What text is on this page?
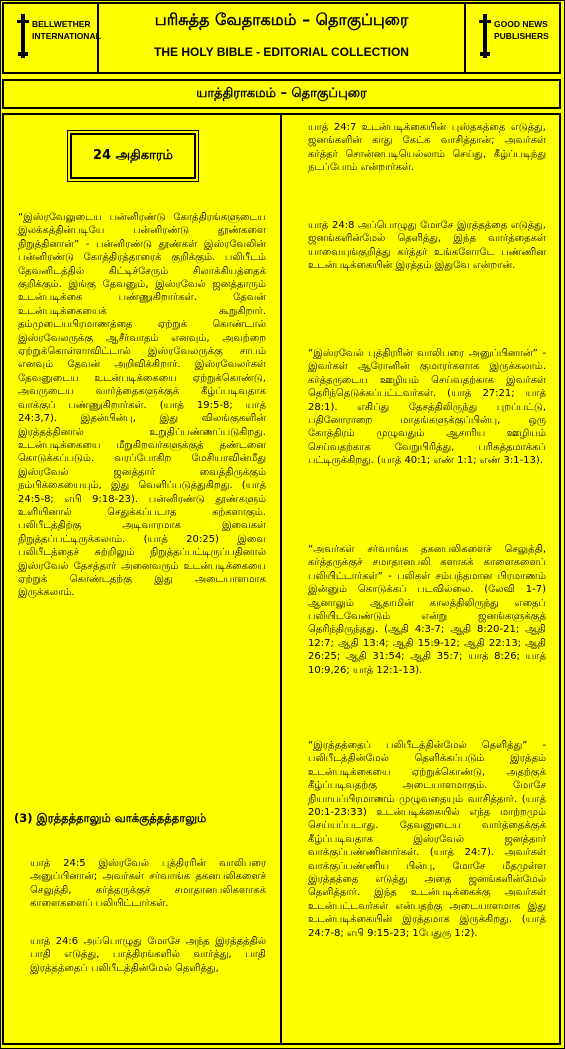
BELLWETHER
INTERNATIONAL
பரிசுத்த வேதாகமம் – தொகுப்புரை
THE HOLY BIBLE - EDITORIAL COLLECTION
GOOD NEWS
PUBLISHERS
யாத்திராகமம் – தொகுப்புரை
24 அதிகாரம்
“இஸ்ரவேலுடைய பன்னிரண்டு கோத்திரங்களுடைய இலக்கத்தின்படியே பன்னிரண்டு தூண்களை நிறுத்தினான்” - பன்னிரண்டு தூண்கள் இஸ்ரவேலின் பன்னிரண்டு கோத்திரத்தாரைக் குறிக்கும். பலிபீடம் தேவனிடத்தில் கிட்டிச்சேரும் சிலாக்கியத்தைக் குறிக்கும். இங்கு தேவனும், இஸ்ரவேல் ஜனத்தாரும் உடன்படிக்கை பண்ணுகிறார்கள். தேவன் உடன்படிக்கையைக் கூறுகிறார். தம்முடையபிரமாணத்தை ஏற்றுக் கொண்டால் இஸ்ரவேலருக்கு ஆசீர்வாதம் எனவும், அவற்றை ஏற்றுக்கொள்ளாவிட்டால் இஸ்ரவேலருக்கு சாபம் எனவும் தேவன் அறிவிக்கிறார். இஸ்ரவேலர்கள் தேவனுடைய உடன்படிக்கையை ஏற்றுக்கொண்டு, அவருடைய வார்த்தைகளுக்குக் கீழ்ப்படிவதாக வாக்குப் பண்ணுகிறார்கள். (யாத் 19:5-8; யாத் 24:3,7). இதன்பின்பு, இது விலங்குகளின் இரத்தத்தினால் உறுதிப்பண்ணப்படுகிறது. உடன்படிக்கையை மீறுகிறவர்களுக்குத் தண்டனை கொடுக்கப்படும். வரப்போகிற மேசியாவின்மீது இஸ்ரவேல் ஜனத்தார் வைத்திருக்கும் நம்பிக்கையையும், இது வெளிப்படுத்துகிறது. (யாத் 24:5-8; எபி 9:18-23). பன்னிரண்டு தூண்களும் உளியினால் செதுக்கப்படாத கற்களாகும். பலிபீடத்திற்கு அடிவாரமாக இவைகள் நிறுத்தப்பட்டிருக்கலாம். (யாத் 20:25) இவை பலிபீடத்தைச் சுற்றிலும் நிறுத்தப்பட்டிருப்பதினால் இஸ்ரவேல் தேசத்தார் அனைவரும் உடன்படிக்கையை ஏற்றுக் கொண்டதற்கு இது அடையாளமாக இருக்கலாம்.
(3) இரத்தத்தாலும் வாக்குத்தத்தாலும்
யாத் 24:5 இஸ்ரவேல் புத்திரரின் வாலிபரை அனுப்பினான்; அவர்கள் சர்வாங்க தகனபலிகளைச் செலுத்தி, கர்த்தருக்குச் சமாதானபலிகளாகக் காளைகளைப் பலியிட்டார்கள்.
யாத் 24:6 அப்பொழுது மோசே அந்த இரத்தத்தில் பாதி எடுத்து, பாத்திரங்களில் வார்த்து, பாதி இரத்தத்தைப் பலிபீடத்தின்மேல் தெளித்து,
யாத் 24:7 உடன்படிக்கையின் புஸ்தகத்தை எடுத்து, ஜனங்களின் காது கேட்க வாசித்தான்; அவர்கள் கர்த்தர் சொன்னபடியெல்லாம் செய்து, கீழ்ப்படிந்து நடப்போம் என்றார்கள்.
யாத் 24:8 அப்பொழுது மோசே இரத்தத்தை எடுத்து, ஜனங்களின்மேல் தெளித்து, இந்த வார்த்தைகள் யாவையுங்குறித்து கர்த்தர் உங்களோடே பண்ணின உடன்படிக்கையின் இரத்தம் இதுவே என்றான்.
“இஸ்ரவேல் புத்திரரின் வாலிபரை அனுப்பினான்” - இவர்கள் ஆரோனின் குமாரர்களாக இருக்கலாம். கர்த்தருடைய ஊழியம் செய்வதற்காக இவர்கள் தெரிந்தெடுக்கப்பட்டவர்கள். (யாத் 27:21; யாத் 28:1). எகிப்து தேசத்திலிருந்து புறப்பட்டு, பதினோராறை மாதங்களுக்குப்பின்பு, ஒரு கோத்திரம் முழுவதும் ஆசாரிய ஊழியம் செய்வதற்காக வேறுபிரித்து, பரிசுத்தமாக்கப் பட்டிருக்கிறது. (யாத் 40:1; எண் 1:1; எண் 3:1-13).
“அவர்கள் சர்வாங்க தகனபலிகளைச் செலுத்தி, கர்த்தருக்குச் சமாதானபலி களாகக் காளைகளைப் பலியிட்டார்கள்” - பலிகள் சம்பந்தமான பிரமாணம் இன்னும் கொடுக்கப் படவில்லை. (லேவி 1-7) ஆனாலும் ஆதாமின் காலத்திலிருந்து எதைப் பலியிடவேண்டும் என்று ஜனங்களுக்குத் தெரிந்திருந்தது. (ஆதி 4:3-7; ஆதி 8:20-21; ஆதி 12:7; ஆதி 13:4; ஆதி 15:9-12; ஆதி 22:13; ஆதி 26:25; ஆதி 31:54; ஆதி 35:7; யாத் 8:26; யாத் 10:9,26; யாத் 12:1-13).
“இரத்தத்தைப் பலிபீடத்தின்மேல் தெளித்து” - பலிபீடத்தின்மேல் தெளிக்கப்படும் இரத்தம் உடன்படிக்கையை ஏற்றுக்கொண்டு, அதற்குக் கீழ்ப்படிவதற்கு அடையாளமாகும். மோசே நியாயப்பிரமாணம் முழுவதையும் வாசித்தார். (யாத் 20:1-23:33) உடன்படிக்கையில் எந்த மாற்றமும் செய்யப்படாது. தேவனுடைய வார்த்தைக்குக் கீழ்ப்படிவதாக இஸ்ரவேல் ஜனத்தார் வாக்குப்பண்ணினார்கள். (யாத் 24:7). அவர்கள் வாக்குப்பண்ணிய பின்பு, மோசே மீதமுள்ள இரத்தத்தை எடுத்து அதை ஜனங்களின்மேல் தெளித்தார். இந்த உடன்படிக்கைக்கு அவர்கள் உடன்பட்டவர்கள் என்பதற்கு அடையாளமாக இது உடன்படிக்கையின் இரத்தமாக இருக்கிறது. (யாத் 24:7-8; எபி 9:15-23; 1பேதுரு 1:2).
